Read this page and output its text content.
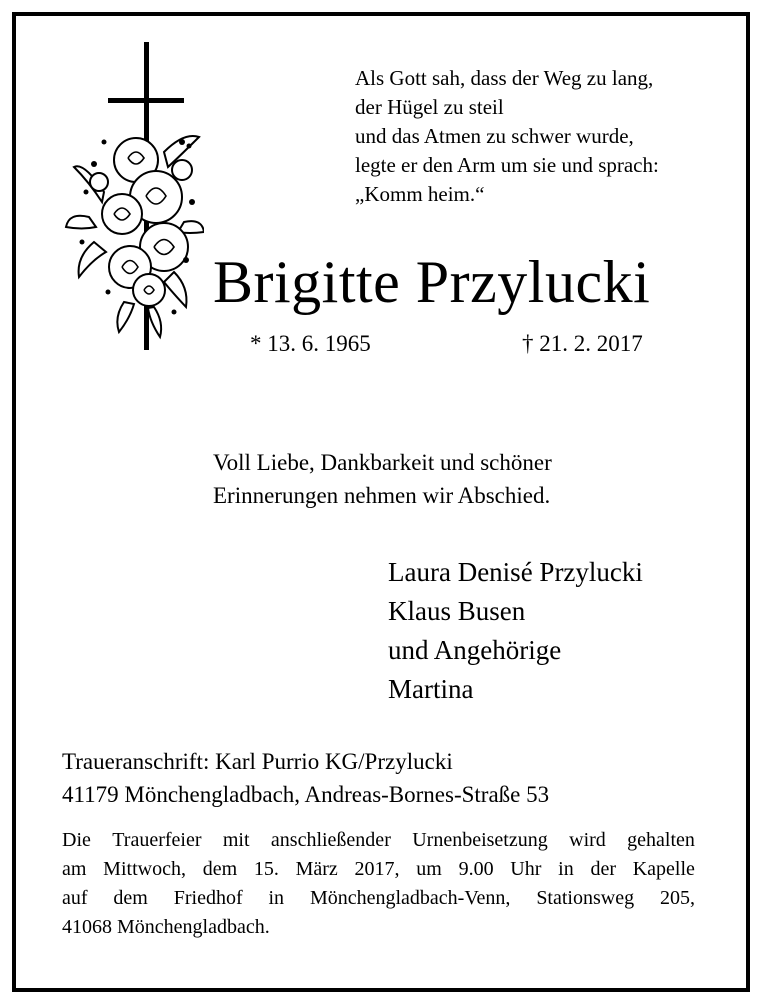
Als Gott sah, dass der Weg zu lang,
der Hügel zu steil
und das Atmen zu schwer wurde,
legte er den Arm um sie und sprach:
„Komm heim.“
Brigitte Przylucki
* 13. 6. 1965	† 21. 2. 2017
Voll Liebe, Dankbarkeit und schöner
Erinnerungen nehmen wir Abschied.
Laura Denisé Przylucki
Klaus Busen
und Angehörige
Martina
Traueranschrift: Karl Purrio KG/Przylucki
41179 Mönchengladbach, Andreas-Bornes-Straße 53
Die Trauerfeier mit anschließender Urnenbeisetzung wird gehalten
am Mittwoch, dem 15. März 2017, um 9.00 Uhr in der Kapelle
auf dem Friedhof in Mönchengladbach-Venn, Stationsweg 205,
41068 Mönchengladbach.
